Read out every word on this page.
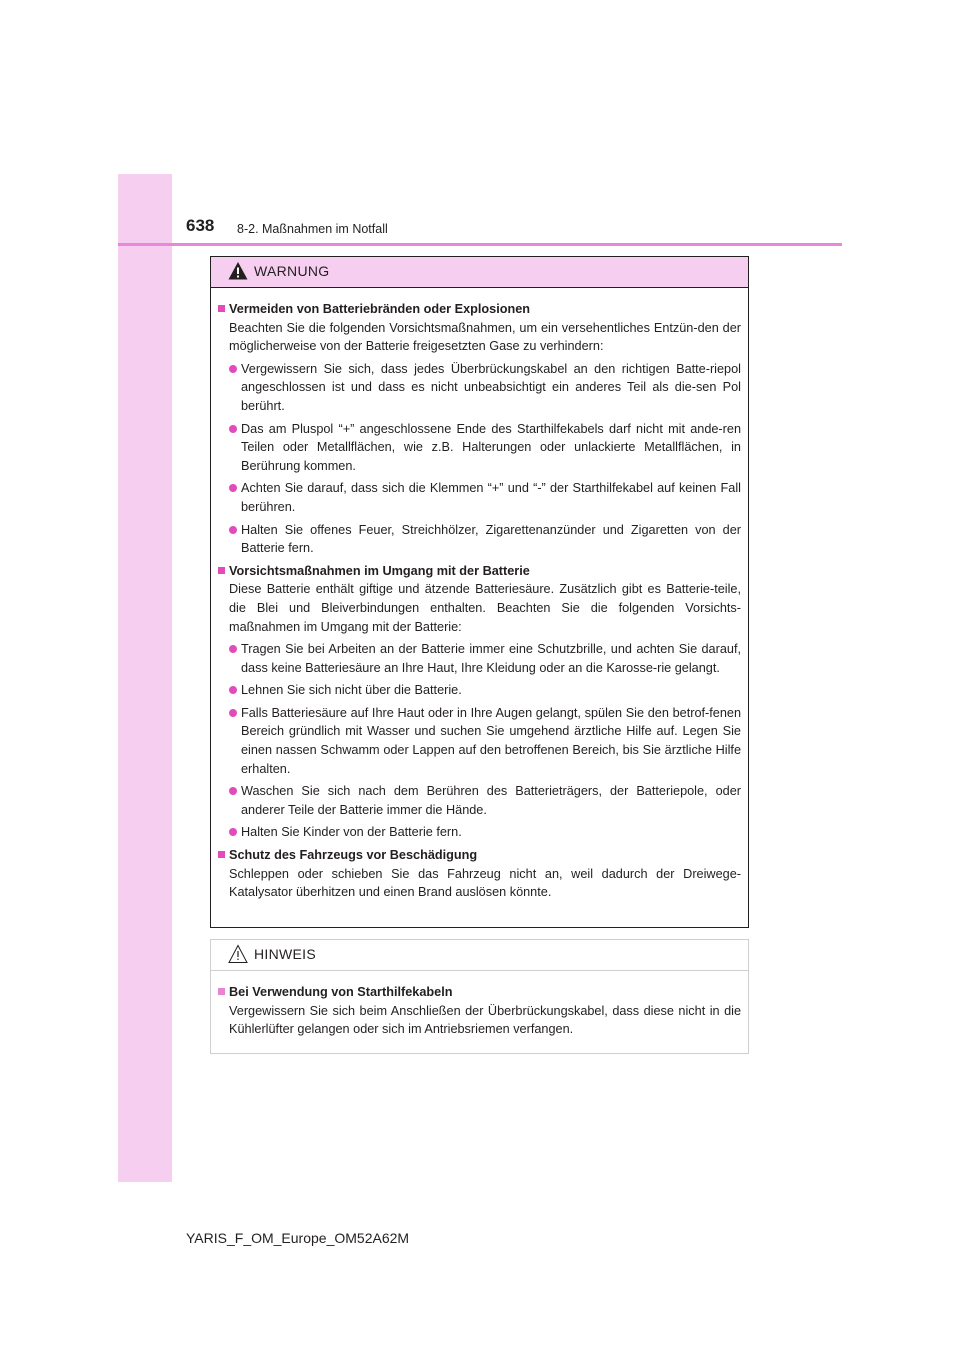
638 8-2. Maßnahmen im Notfall
WARNUNG
Vermeiden von Batteriebränden oder Explosionen
Beachten Sie die folgenden Vorsichtsmaßnahmen, um ein versehentliches Entzün-den der möglicherweise von der Batterie freigesetzten Gase zu verhindern:
Vergewissern Sie sich, dass jedes Überbrückungskabel an den richtigen Batte-riepol angeschlossen ist und dass es nicht unbeabsichtigt ein anderes Teil als die-sen Pol berührt.
Das am Pluspol “+” angeschlossene Ende des Starthilfekabels darf nicht mit ande-ren Teilen oder Metallflächen, wie z.B. Halterungen oder unlackierte Metallflächen, in Berührung kommen.
Achten Sie darauf, dass sich die Klemmen “+” und “-” der Starthilfekabel auf keinen Fall berühren.
Halten Sie offenes Feuer, Streichhölzer, Zigarettenanzünder und Zigaretten von der Batterie fern.
Vorsichtsmaßnahmen im Umgang mit der Batterie
Diese Batterie enthält giftige und ätzende Batteriesäure. Zusätzlich gibt es Batterie-teile, die Blei und Bleiverbindungen enthalten. Beachten Sie die folgenden Vorsichts-maßnahmen im Umgang mit der Batterie:
Tragen Sie bei Arbeiten an der Batterie immer eine Schutzbrille, und achten Sie darauf, dass keine Batteriesäure an Ihre Haut, Ihre Kleidung oder an die Karosse-rie gelangt.
Lehnen Sie sich nicht über die Batterie.
Falls Batteriesäure auf Ihre Haut oder in Ihre Augen gelangt, spülen Sie den betrof-fenen Bereich gründlich mit Wasser und suchen Sie umgehend ärztliche Hilfe auf. Legen Sie einen nassen Schwamm oder Lappen auf den betroffenen Bereich, bis Sie ärztliche Hilfe erhalten.
Waschen Sie sich nach dem Berühren des Batterieträgers, der Batteriepole, oder anderer Teile der Batterie immer die Hände.
Halten Sie Kinder von der Batterie fern.
Schutz des Fahrzeugs vor Beschädigung
Schleppen oder schieben Sie das Fahrzeug nicht an, weil dadurch der Dreiwege-Katalysator überhitzen und einen Brand auslösen könnte.
HINWEIS
Bei Verwendung von Starthilfekabeln
Vergewissern Sie sich beim Anschließen der Überbrückungskabel, dass diese nicht in die Kühlerlüfter gelangen oder sich im Antriebsriemen verfangen.
YARIS_F_OM_Europe_OM52A62M
